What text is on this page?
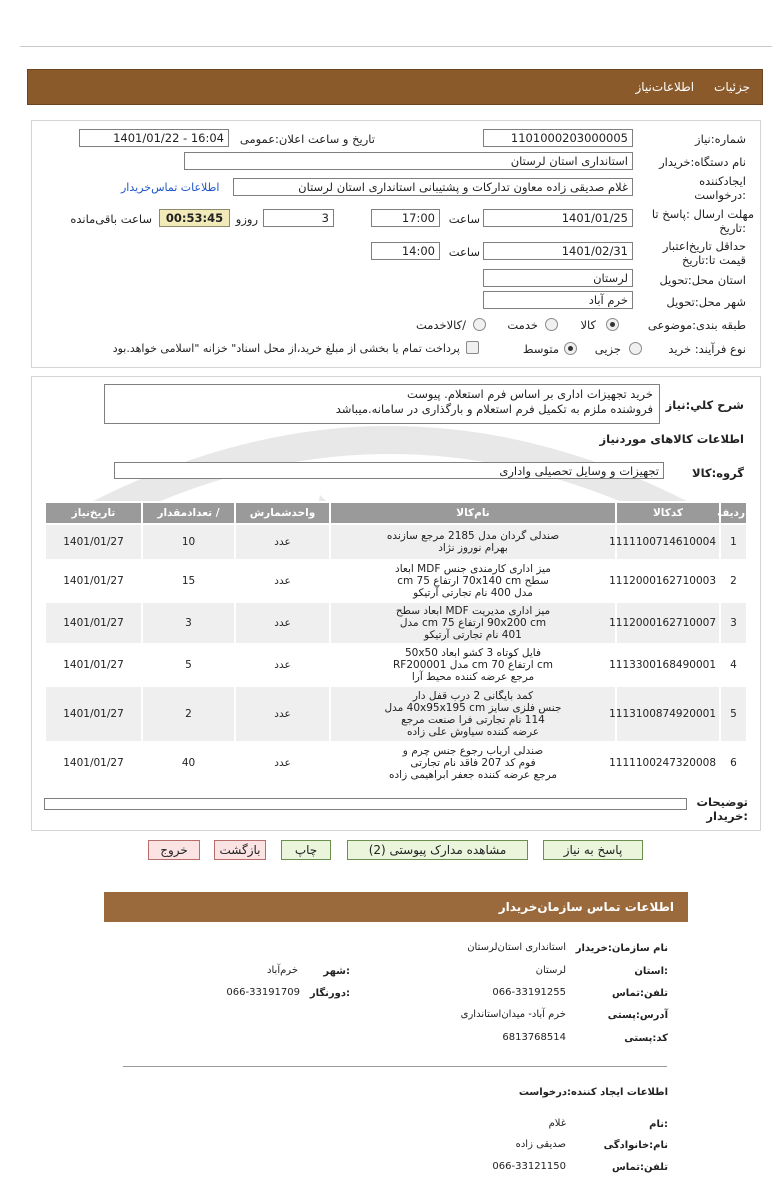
جزئیات
اطلاعات‌نیاز
شماره:نیاز
1101000203000005
تاریخ و ساعت اعلان:عمومی
1401/01/22 - 16:04
نام دستگاه:خریدار
استانداری استان لرستان
ایجادکننده
:درخواست
غلام صدیقی زاده معاون تدارکات و پشتیبانی استانداری استان لرستان
اطلاعات تماس‌خریدار
مهلت ارسال :پاسخ تا
:تاریخ
1401/01/25
ساعت
17:00
3
روزو
00:53:45
ساعت باقی‌مانده
حداقل تاریخ‌اعتبار
قیمت تا:تاریخ
1401/02/31
ساعت
14:00
استان محل:تحویل
لرستان
شهر محل:تحویل
خرم آباد
طبقه بندی:موضوعی
کالا
خدمت
/کالاخدمت
نوع فرآیند: خرید
جزیی
متوسط
پرداخت تمام یا بخشی از مبلغ خرید،از محل اسناد" خزانه "اسلامی خواهد.بود
شرح کلي:نياز
خرید تجهیزات اداری بر اساس فرم استعلام. پیوست
فروشنده ملزم به تکمیل فرم استعلام و بارگذاری در سامانه.میباشد
اطلاعات کالاهای موردنیاز
گروه:کالا
تجهیزات و وسایل تحصیلی واداری
ردیف	کدکالا	نام‌کالا	واحدشمارش	/ تعدادمقدار	تاریخ‌نیاز
1	1111100714610004	صندلی گردان مدل 2185 مرجع سازنده
بهرام نوروز نژاد	عدد	10	1401/01/27
2	1112000162710003	میز اداری کارمندی جنس MDF ابعاد
سطح 70x140 cm ارتفاع 75 cm
مدل 400 نام تجارتی آرتیکو	عدد	15	1401/01/27
3	1112000162710007	میز اداری مدیریت MDF ابعاد سطح
90x200 cm ارتفاع 75 cm مدل
401 نام تجارتی آرتیکو	عدد	3	1401/01/27
4	1113300168490001	فایل کوتاه 3 کشو ابعاد 50x50
cm ارتفاع 70 cm مدل RF200001
مرجع عرضه کننده محیط آرا	عدد	5	1401/01/27
5	1113100874920001	کمد بایگانی 2 درب قفل دار
جنس فلزی سایز 40x95x195 cm مدل
114 نام تجارتی فرا صنعت مرجع
عرضه کننده سیاوش علی زاده	عدد	2	1401/01/27
6	1111100247320008	صندلی ارباب رجوع جنس چرم و
فوم کد 207 فاقد نام تجارتی
مرجع عرضه کننده جعفر ابراهیمی زاده	عدد	40	1401/01/27
توضیحات
:خریدار
پاسخ به نیاز
مشاهده مدارک پیوستی (2)
چاپ
بازگشت
خروج
اطلاعات تماس سازمان‌خریدار
نام سازمان:خریدار
استانداری استان‌لرستان
:استان
لرستان
:شهر
خرم‌آباد
تلفن:تماس
066-33191255
:دورنگار
066-33191709
آدرس:پستی
خرم آباد- میدان‌استانداری
کد:پستی
6813768514
اطلاعات ایجاد کننده:درخواست
:نام
غلام
نام:خانوادگی
صدیقی زاده
تلفن:تماس
066-33121150
